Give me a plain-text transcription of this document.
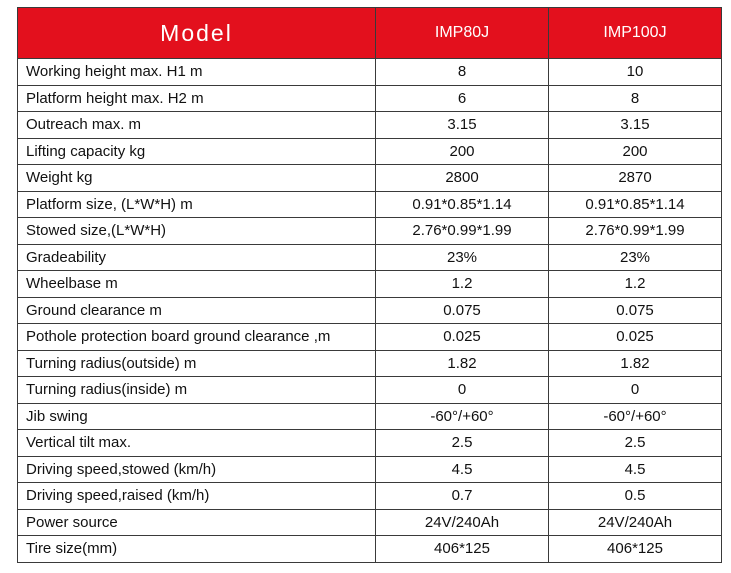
Model	IMP80J	IMP100J
Working height max. H1 m	8	10
Platform height max. H2 m	6	8
Outreach max. m	3.15	3.15
Lifting capacity kg	200	200
Weight kg	2800	2870
Platform size, (L*W*H) m	0.91*0.85*1.14	0.91*0.85*1.14
Stowed size,(L*W*H)	2.76*0.99*1.99	2.76*0.99*1.99
Gradeability	23%	23%
Wheelbase m	1.2	1.2
Ground clearance m	0.075	0.075
Pothole protection board ground clearance ,m	0.025	0.025
Turning radius(outside) m	1.82	1.82
Turning radius(inside) m	0	0
Jib swing	-60°/+60°	-60°/+60°
Vertical tilt max.	2.5	2.5
Driving speed,stowed (km/h)	4.5	4.5
Driving speed,raised (km/h)	0.7	0.5
Power source	24V/240Ah	24V/240Ah
Tire size(mm)	406*125	406*125
